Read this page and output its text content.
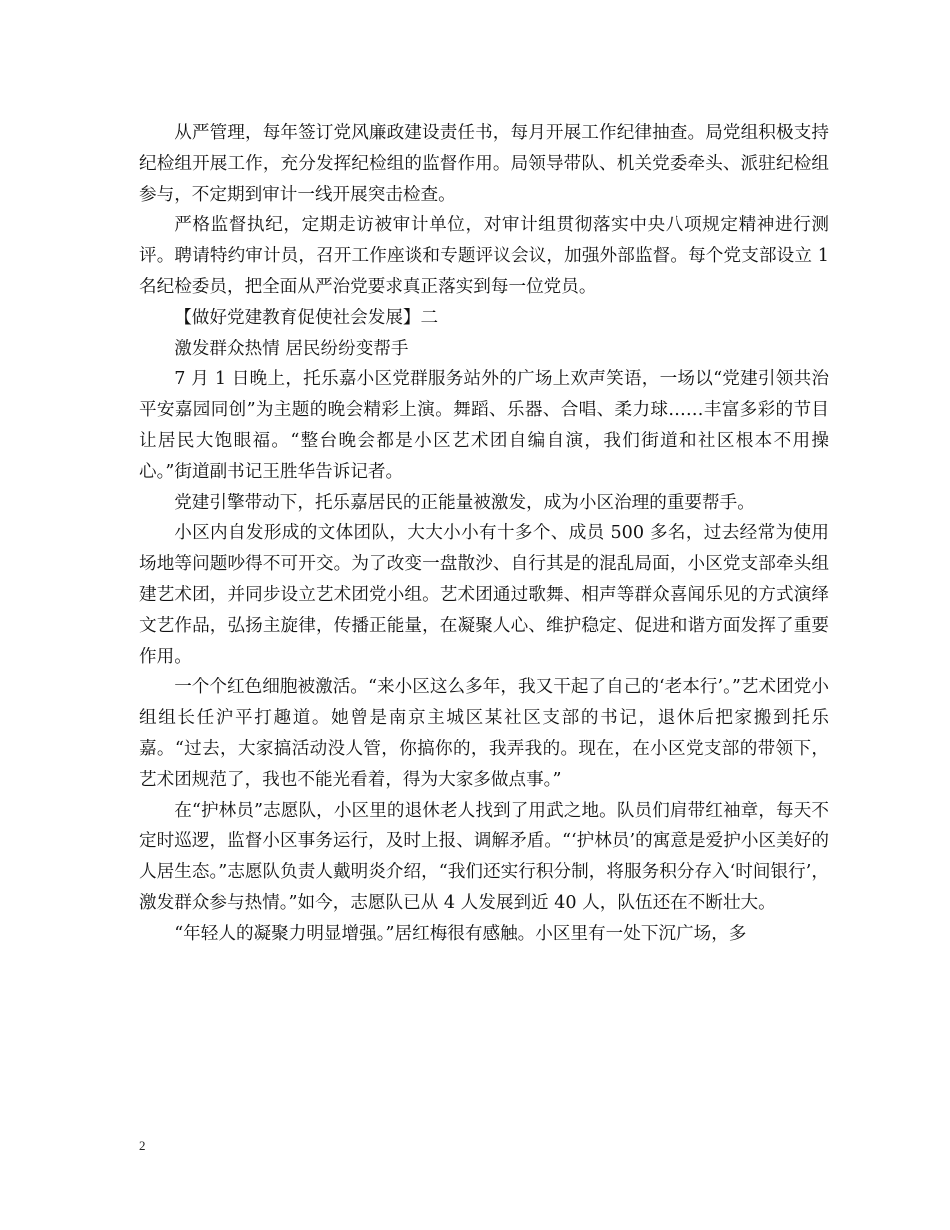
从严管理，每年签订党风廉政建设责任书，每月开展工作纪律抽查。局党组积极支持纪检组开展工作，充分发挥纪检组的监督作用。局领导带队、机关党委牵头、派驻纪检组参与，不定期到审计一线开展突击检查。

严格监督执纪，定期走访被审计单位，对审计组贯彻落实中央八项规定精神进行测评。聘请特约审计员，召开工作座谈和专题评议会议，加强外部监督。每个党支部设立 1 名纪检委员，把全面从严治党要求真正落实到每一位党员。

【做好党建教育促使社会发展】二

激发群众热情 居民纷纷变帮手

7 月 1 日晚上，托乐嘉小区党群服务站外的广场上欢声笑语，一场以“党建引领共治 平安嘉园同创”为主题的晚会精彩上演。舞蹈、乐器、合唱、柔力球……丰富多彩的节目让居民大饱眼福。“整台晚会都是小区艺术团自编自演，我们街道和社区根本不用操心。”街道副书记王胜华告诉记者。

党建引擎带动下，托乐嘉居民的正能量被激发，成为小区治理的重要帮手。

小区内自发形成的文体团队，大大小小有十多个、成员 500 多名，过去经常为使用场地等问题吵得不可开交。为了改变一盘散沙、自行其是的混乱局面，小区党支部牵头组建艺术团，并同步设立艺术团党小组。艺术团通过歌舞、相声等群众喜闻乐见的方式演绎文艺作品，弘扬主旋律，传播正能量，在凝聚人心、维护稳定、促进和谐方面发挥了重要作用。

一个个红色细胞被激活。“来小区这么多年，我又干起了自己的‘老本行’。”艺术团党小组组长任沪平打趣道。她曾是南京主城区某社区支部的书记，退休后把家搬到托乐嘉。“过去，大家搞活动没人管，你搞你的，我弄我的。现在，在小区党支部的带领下，艺术团规范了，我也不能光看着，得为大家多做点事。”

在“护林员”志愿队，小区里的退休老人找到了用武之地。队员们肩带红袖章，每天不定时巡逻，监督小区事务运行，及时上报、调解矛盾。“‘护林员’的寓意是爱护小区美好的人居生态。”志愿队负责人戴明炎介绍，“我们还实行积分制，将服务积分存入‘时间银行’，激发群众参与热情。”如今，志愿队已从 4 人发展到近 40 人，队伍还在不断壮大。

“年轻人的凝聚力明显增强。”居红梅很有感触。小区里有一处下沉广场，多

2
